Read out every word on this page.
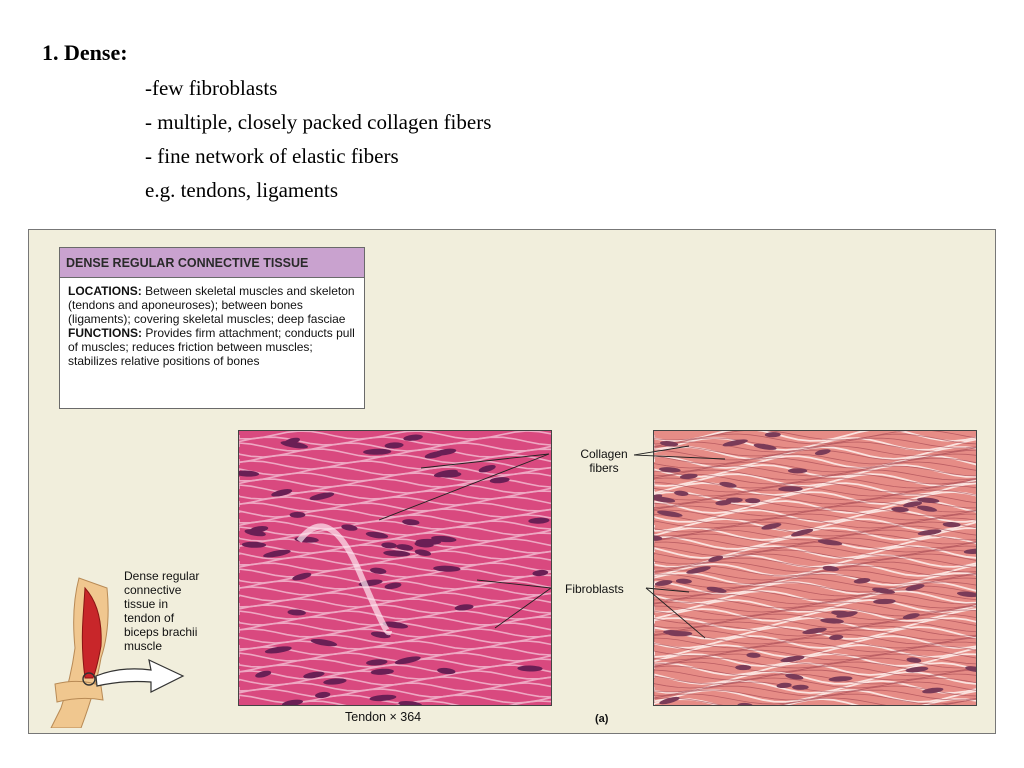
1. Dense:
-few fibroblasts
- multiple, closely packed collagen fibers
- fine network of elastic fibers
e.g. tendons, ligaments
DENSE REGULAR CONNECTIVE TISSUE
LOCATIONS: Between skeletal muscles and skeleton (tendons and aponeuroses); between bones (ligaments); covering skeletal muscles; deep fasciae
FUNCTIONS: Provides firm attachment; conducts pull of muscles; reduces friction between muscles; stabilizes relative positions of bones
Collagen
fibers
Fibroblasts
Dense regular
connective
tissue in
tendon of
biceps brachii
muscle
Tendon × 364	(a)
